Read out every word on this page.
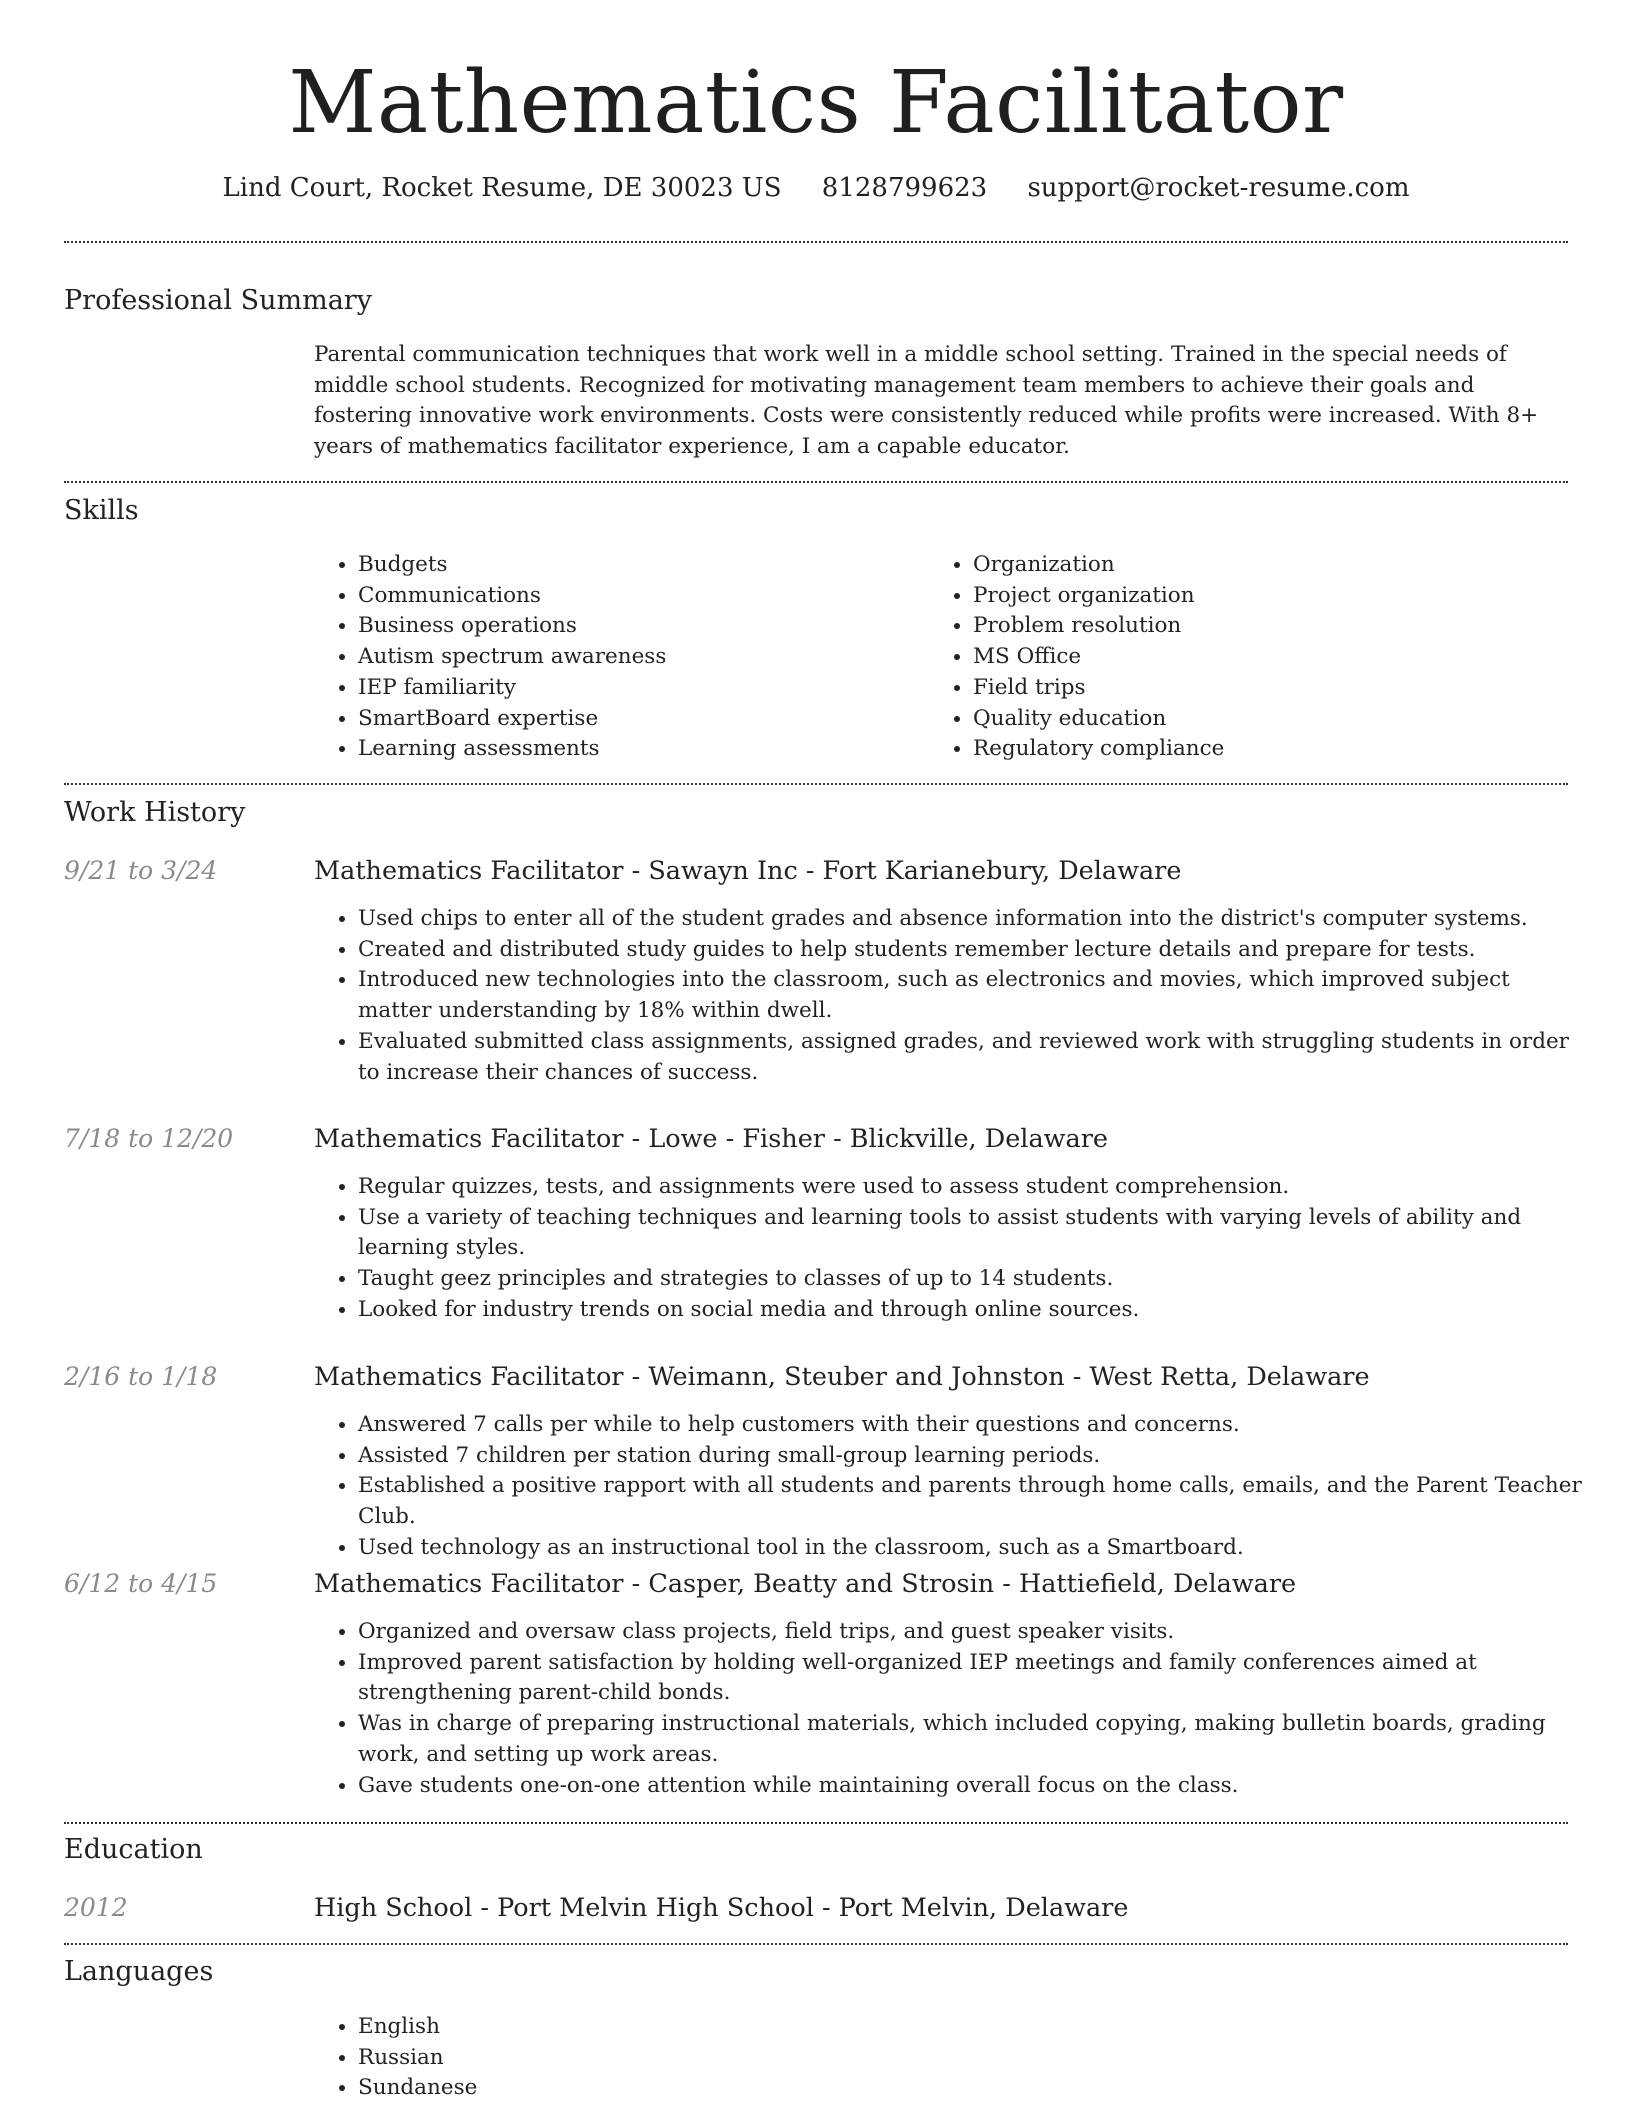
Mathematics Facilitator
Lind Court, Rocket Resume, DE 30023 US 8128799623 support@rocket-resume.com
Professional Summary
Parental communication techniques that work well in a middle school setting. Trained in the special needs of middle school students. Recognized for motivating management team members to achieve their goals and fostering innovative work environments. Costs were consistently reduced while profits were increased. With 8+ years of mathematics facilitator experience, I am a capable educator.
Skills
• Budgets
• Communications
• Business operations
• Autism spectrum awareness
• IEP familiarity
• SmartBoard expertise
• Learning assessments
• Organization
• Project organization
• Problem resolution
• MS Office
• Field trips
• Quality education
• Regulatory compliance
Work History
9/21 to 3/24	Mathematics Facilitator - Sawayn Inc - Fort Karianebury, Delaware
• Used chips to enter all of the student grades and absence information into the district's computer systems.
• Created and distributed study guides to help students remember lecture details and prepare for tests.
• Introduced new technologies into the classroom, such as electronics and movies, which improved subject matter understanding by 18% within dwell.
• Evaluated submitted class assignments, assigned grades, and reviewed work with struggling students in order to increase their chances of success.
7/18 to 12/20	Mathematics Facilitator - Lowe - Fisher - Blickville, Delaware
• Regular quizzes, tests, and assignments were used to assess student comprehension.
• Use a variety of teaching techniques and learning tools to assist students with varying levels of ability and learning styles.
• Taught geez principles and strategies to classes of up to 14 students.
• Looked for industry trends on social media and through online sources.
2/16 to 1/18	Mathematics Facilitator - Weimann, Steuber and Johnston - West Retta, Delaware
• Answered 7 calls per while to help customers with their questions and concerns.
• Assisted 7 children per station during small-group learning periods.
• Established a positive rapport with all students and parents through home calls, emails, and the Parent Teacher Club.
• Used technology as an instructional tool in the classroom, such as a Smartboard.
6/12 to 4/15	Mathematics Facilitator - Casper, Beatty and Strosin - Hattiefield, Delaware
• Organized and oversaw class projects, field trips, and guest speaker visits.
• Improved parent satisfaction by holding well-organized IEP meetings and family conferences aimed at strengthening parent-child bonds.
• Was in charge of preparing instructional materials, which included copying, making bulletin boards, grading work, and setting up work areas.
• Gave students one-on-one attention while maintaining overall focus on the class.
Education
2012	High School - Port Melvin High School - Port Melvin, Delaware
Languages
• English
• Russian
• Sundanese
